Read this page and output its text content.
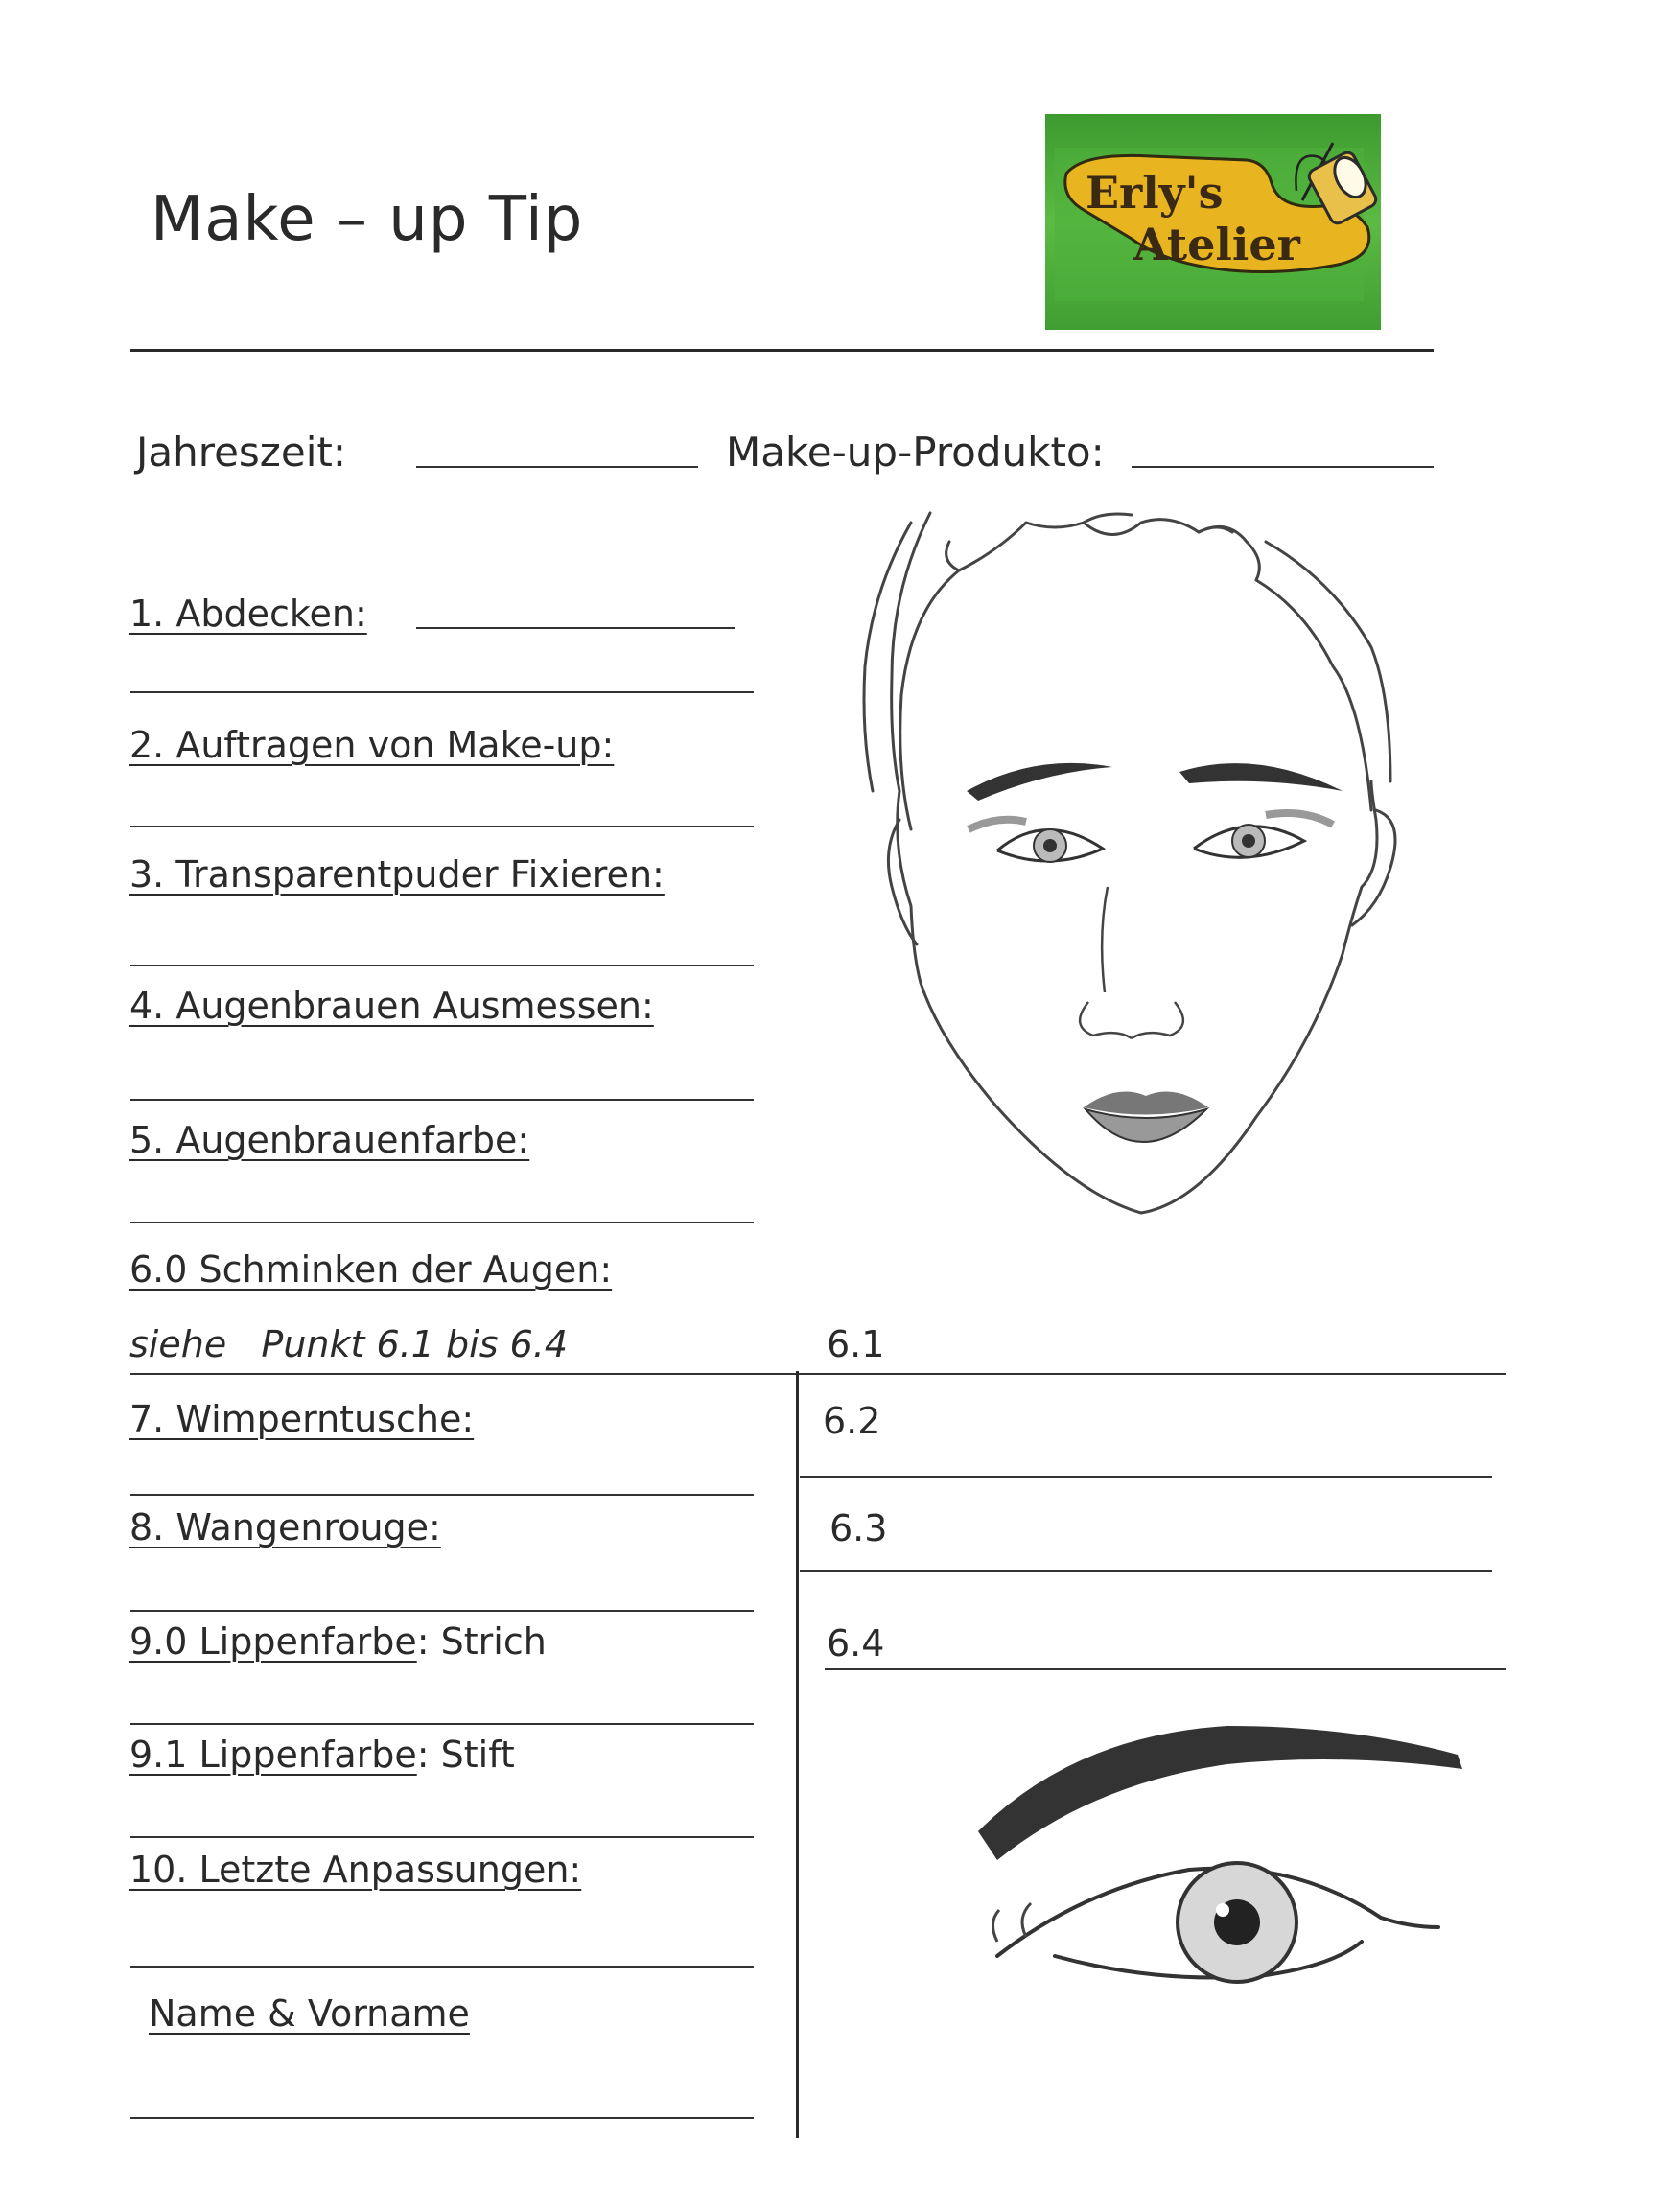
Make – up Tip	Erly's
Atelier
Jahreszeit:	Make-up-Produkto:
1. Abdecken:
2. Auftragen von Make-up:
3. Transparentpuder Fixieren:
4. Augenbrauen Ausmessen:
5. Augenbrauenfarbe:
6.0 Schminken der Augen:
siehe   Punkt 6.1 bis 6.4	6.1
6.2
6.3
6.4
7. Wimperntusche:
8. Wangenrouge:
9.0 Lippenfarbe: Strich
9.1 Lippenfarbe: Stift
10. Letzte Anpassungen:
Name & Vorname
